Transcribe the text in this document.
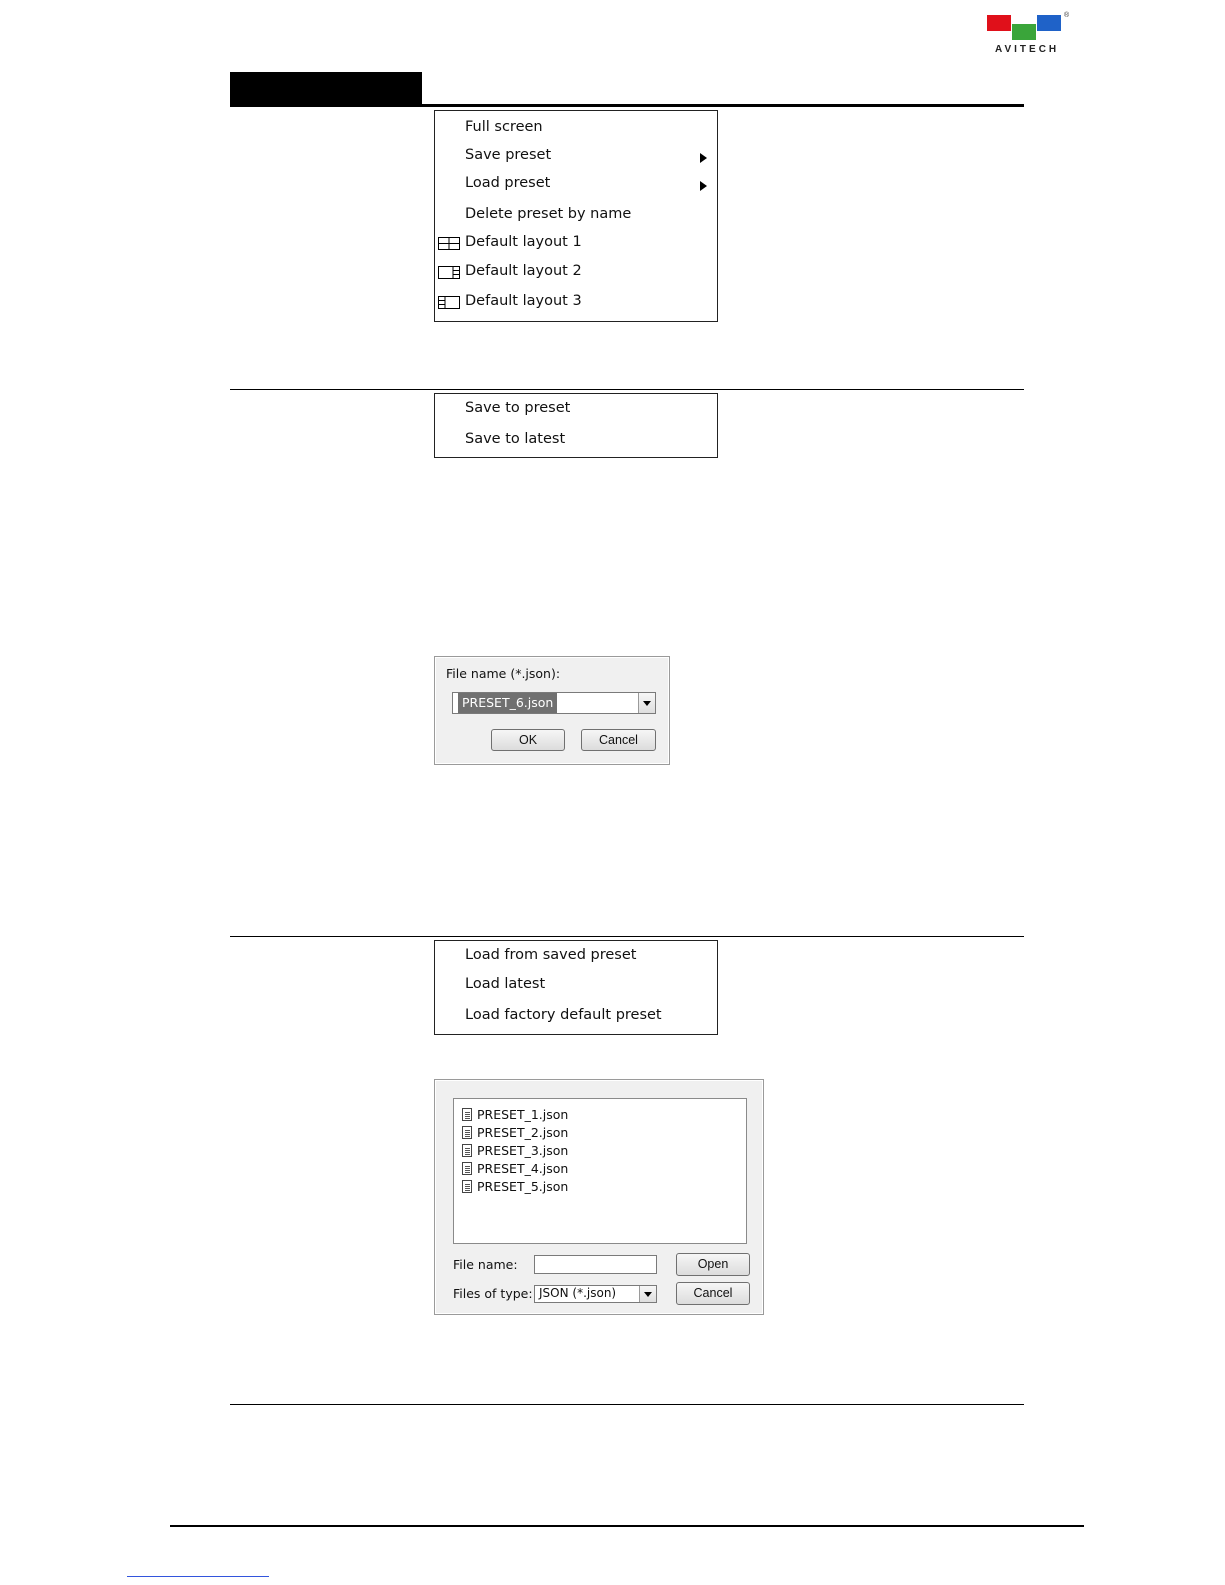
®
AVITECH
Full screen
Save preset
Load preset
Delete preset by name
Default layout 1
Default layout 2
Default layout 3
Save to preset
Save to latest
File name (*.json):
PRESET_6.json
OK	Cancel
Load from saved preset
Load latest
Load factory default preset
PRESET_1.json
PRESET_2.json
PRESET_3.json
PRESET_4.json
PRESET_5.json
File name:	Open
Files of type: JSON (*.json)	Cancel
